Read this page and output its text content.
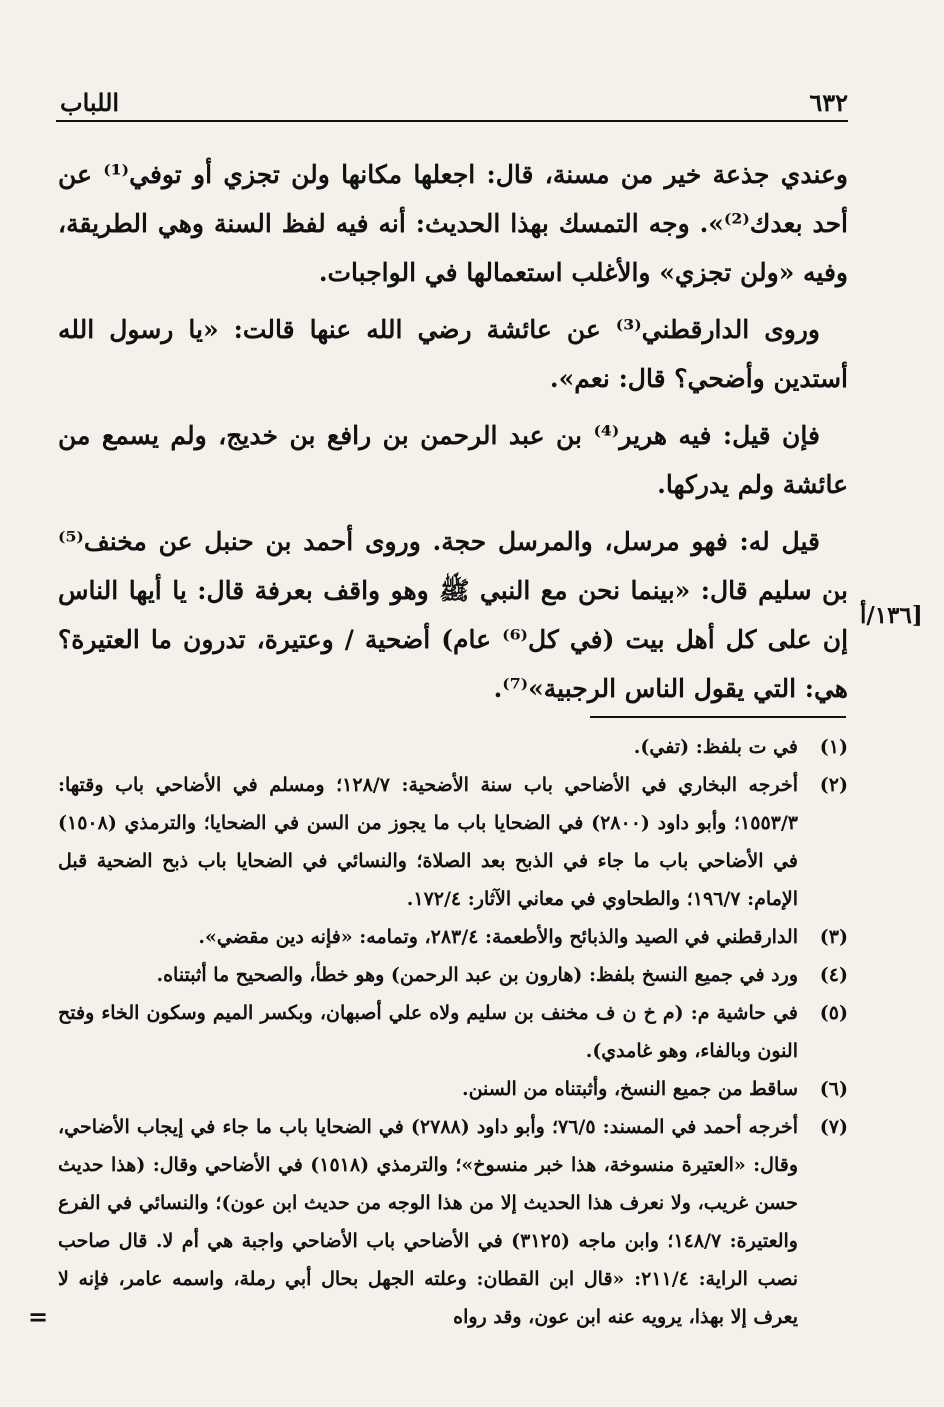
٦٣٢
اللباب

وعندي جذعة خير من مسنة، قال: اجعلها مكانها ولن تجزي أو توفي⁽¹⁾ عن أحد بعدك⁽²⁾». وجه التمسك بهذا الحديث: أنه فيه لفظ السنة وهي الطريقة، وفيه «ولن تجزي» والأغلب استعمالها في الواجبات.

وروى الدارقطني⁽³⁾ عن عائشة رضي الله عنها قالت: «يا رسول الله أستدين وأضحي؟ قال: نعم».

فإن قيل: فيه هرير⁽⁴⁾ بن عبد الرحمن بن رافع بن خديج، ولم يسمع من عائشة ولم يدركها.

قيل له: فهو مرسل، والمرسل حجة. وروى أحمد بن حنبل عن مخنف⁽⁵⁾ بن سليم قال: «بينما نحن مع النبي ﷺ وهو واقف بعرفة قال: يا أيها الناس إن على كل أهل بيت (في كل⁽⁶⁾ عام) أضحية / وعتيرة، تدرون ما العتيرة؟ هي: التي يقول الناس الرجبية»⁽⁷⁾.

١٣٦/أ]
(١)
في ت بلفظ: (تفي).
(٢)
أخرجه البخاري في الأضاحي باب سنة الأضحية: ١٢٨/٧؛ ومسلم في الأضاحي باب وقتها: ١٥٥٣/٣؛ وأبو داود (٢٨٠٠) في الضحايا باب ما يجوز من السن في الضحايا؛ والترمذي (١٥٠٨) في الأضاحي باب ما جاء في الذبح بعد الصلاة؛ والنسائي في الضحايا باب ذبح الضحية قبل الإمام: ١٩٦/٧؛ والطحاوي في معاني الآثار: ١٧٢/٤.
(٣)
الدارقطني في الصيد والذبائح والأطعمة: ٢٨٣/٤، وتمامه: «فإنه دين مقضي».
(٤)
ورد في جميع النسخ بلفظ: (هارون بن عبد الرحمن) وهو خطأ، والصحيح ما أثبتناه.
(٥)
في حاشية م: (م خ ن ف مخنف بن سليم ولاه علي أصبهان، وبكسر الميم وسكون الخاء وفتح النون وبالفاء، وهو غامدي).
(٦)
ساقط من جميع النسخ، وأثبتناه من السنن.
(٧)
أخرجه أحمد في المسند: ٧٦/٥؛ وأبو داود (٢٧٨٨) في الضحايا باب ما جاء في إيجاب الأضاحي، وقال: «العتيرة منسوخة، هذا خبر منسوخ»؛ والترمذي (١٥١٨) في الأضاحي وقال: (هذا حديث حسن غريب، ولا نعرف هذا الحديث إلا من هذا الوجه من حديث ابن عون)؛ والنسائي في الفرع والعتيرة: ١٤٨/٧؛ وابن ماجه (٣١٢٥) في الأضاحي باب الأضاحي واجبة هي أم لا. قال صاحب نصب الراية: ٢١١/٤: «قال ابن القطان: وعلته الجهل بحال أبي رملة، واسمه عامر، فإنه لا يعرف إلا بهذا، يرويه عنه ابن عون، وقد رواه
=
